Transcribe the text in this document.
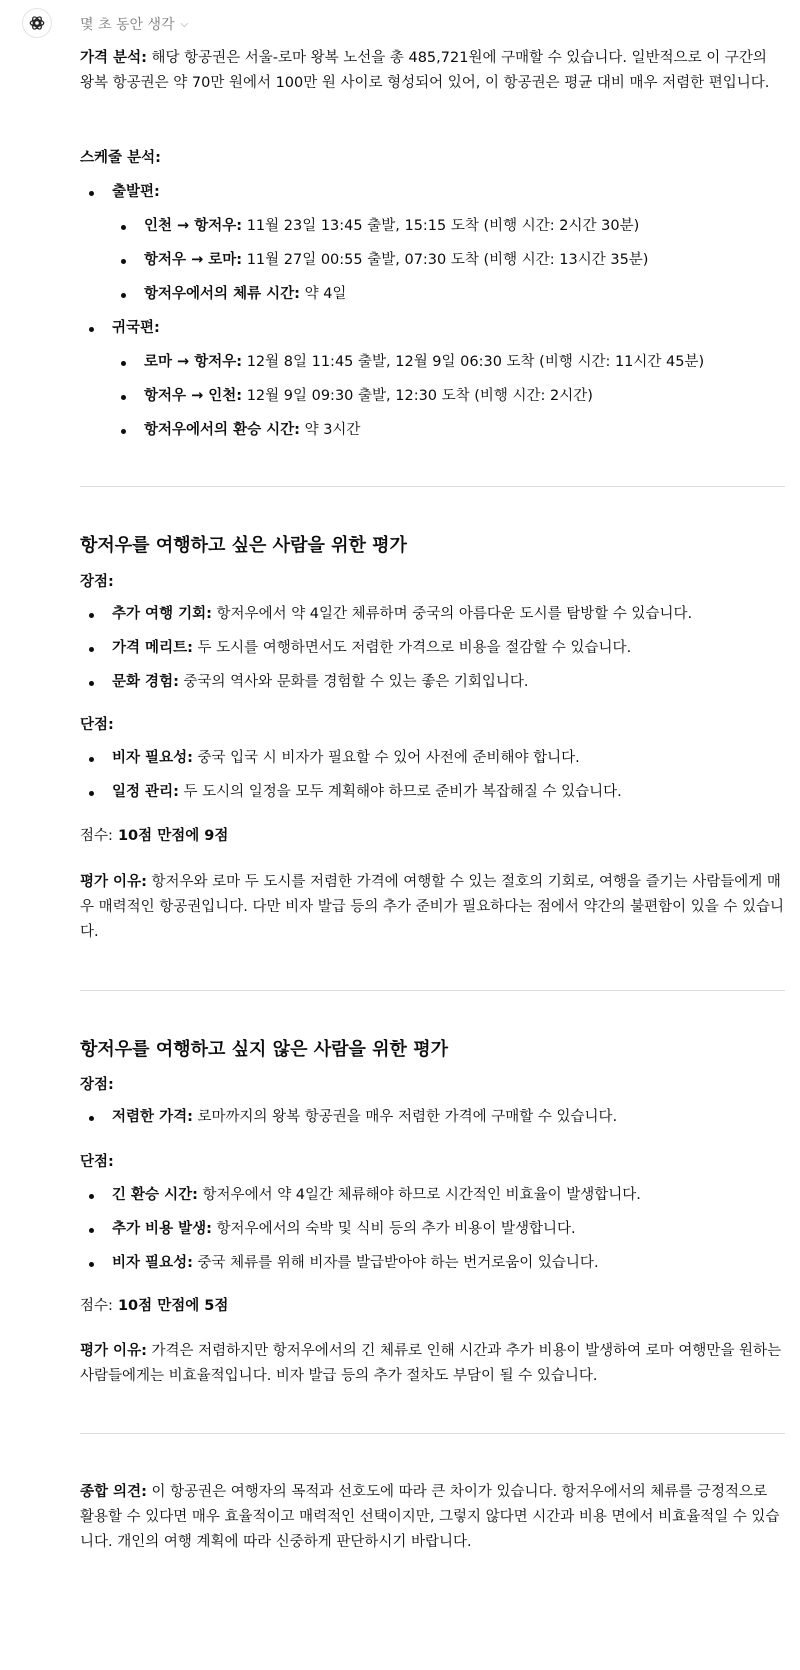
몇 초 동안 생각 ⌵

가격 분석: 해당 항공권은 서울-로마 왕복 노선을 총 485,721원에 구매할 수 있습니다. 일반적으로 이 구간의 왕복 항공권은 약 70만 원에서 100만 원 사이로 형성되어 있어, 이 항공권은 평균 대비 매우 저렴한 편입니다.

스케줄 분석:

출발편:
인천 → 항저우: 11월 23일 13:45 출발, 15:15 도착 (비행 시간: 2시간 30분)
항저우 → 로마: 11월 27일 00:55 출발, 07:30 도착 (비행 시간: 13시간 35분)
항저우에서의 체류 시간: 약 4일
귀국편:
로마 → 항저우: 12월 8일 11:45 출발, 12월 9일 06:30 도착 (비행 시간: 11시간 45분)
항저우 → 인천: 12월 9일 09:30 출발, 12:30 도착 (비행 시간: 2시간)
항저우에서의 환승 시간: 약 3시간
항저우를 여행하고 싶은 사람을 위한 평가

장점:

추가 여행 기회: 항저우에서 약 4일간 체류하며 중국의 아름다운 도시를 탐방할 수 있습니다.
가격 메리트: 두 도시를 여행하면서도 저렴한 가격으로 비용을 절감할 수 있습니다.
문화 경험: 중국의 역사와 문화를 경험할 수 있는 좋은 기회입니다.

단점:

비자 필요성: 중국 입국 시 비자가 필요할 수 있어 사전에 준비해야 합니다.
일정 관리: 두 도시의 일정을 모두 계획해야 하므로 준비가 복잡해질 수 있습니다.

점수: 10점 만점에 9점

평가 이유: 항저우와 로마 두 도시를 저렴한 가격에 여행할 수 있는 절호의 기회로, 여행을 즐기는 사람들에게 매우 매력적인 항공권입니다. 다만 비자 발급 등의 추가 준비가 필요하다는 점에서 약간의 불편함이 있을 수 있습니다.

항저우를 여행하고 싶지 않은 사람을 위한 평가

장점:

저렴한 가격: 로마까지의 왕복 항공권을 매우 저렴한 가격에 구매할 수 있습니다.

단점:

긴 환승 시간: 항저우에서 약 4일간 체류해야 하므로 시간적인 비효율이 발생합니다.
추가 비용 발생: 항저우에서의 숙박 및 식비 등의 추가 비용이 발생합니다.
비자 필요성: 중국 체류를 위해 비자를 발급받아야 하는 번거로움이 있습니다.

점수: 10점 만점에 5점

평가 이유: 가격은 저렴하지만 항저우에서의 긴 체류로 인해 시간과 추가 비용이 발생하여 로마 여행만을 원하는 사람들에게는 비효율적입니다. 비자 발급 등의 추가 절차도 부담이 될 수 있습니다.

종합 의견: 이 항공권은 여행자의 목적과 선호도에 따라 큰 차이가 있습니다. 항저우에서의 체류를 긍정적으로 활용할 수 있다면 매우 효율적이고 매력적인 선택이지만, 그렇지 않다면 시간과 비용 면에서 비효율적일 수 있습니다. 개인의 여행 계획에 따라 신중하게 판단하시기 바랍니다.
